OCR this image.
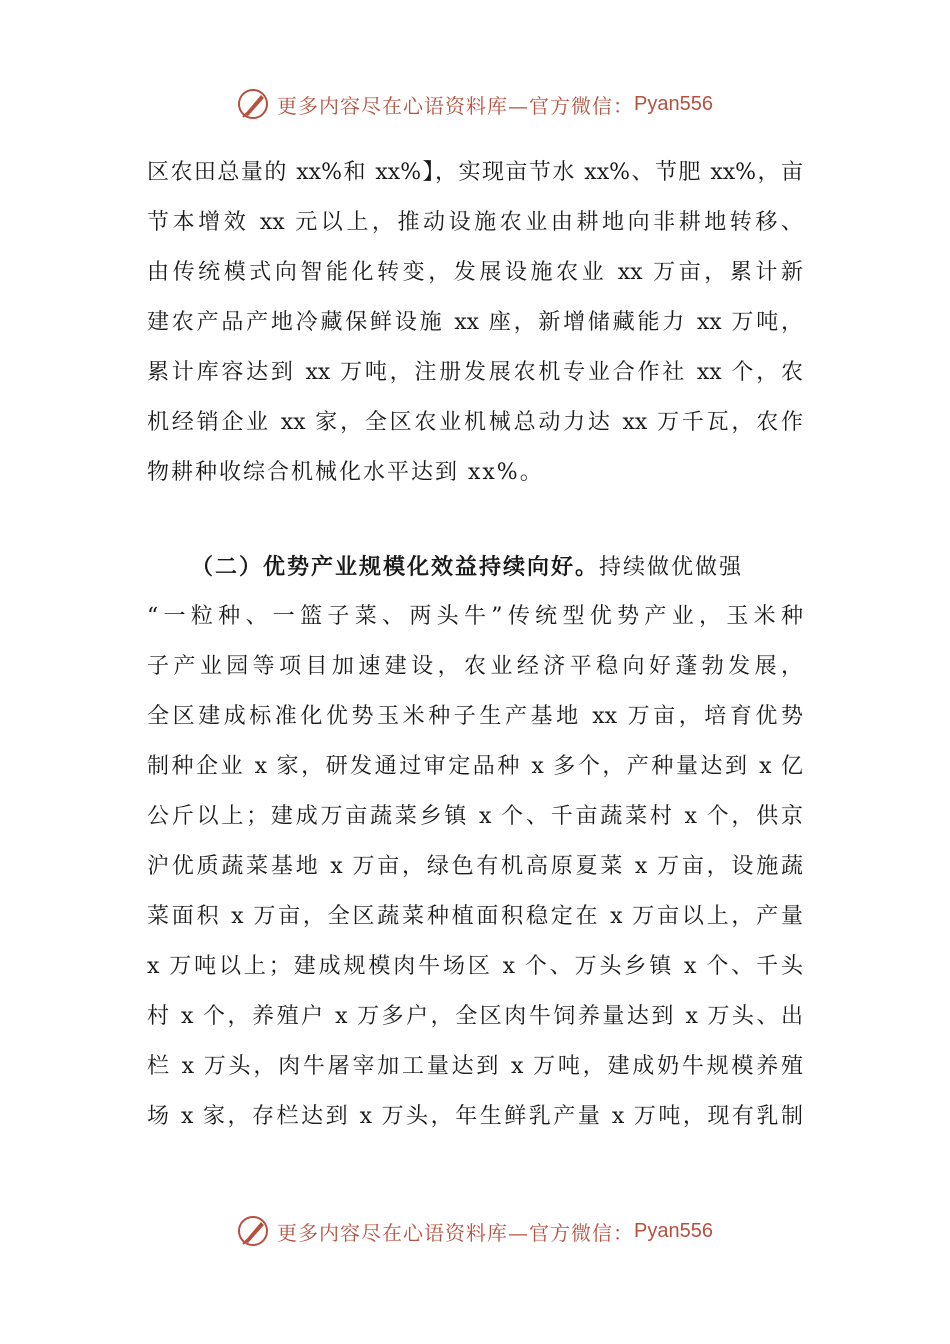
更多内容尽在心语资料库—官方微信： Pyan556
区农田总量的 xx%和 xx%】，实现亩节水 xx%、节肥 xx%，亩
节本增效 xx 元以上，推动设施农业由耕地向非耕地转移、
由传统模式向智能化转变，发展设施农业 xx 万亩，累计新
建农产品产地冷藏保鲜设施 xx 座，新增储藏能力 xx 万吨，
累计库容达到 xx 万吨，注册发展农机专业合作社 xx 个，农
机经销企业 xx 家，全区农业机械总动力达 xx 万千瓦，农作
物耕种收综合机械化水平达到 xx%。
（二）优势产业规模化效益持续向好。持续做优做强
“一粒种、一篮子菜、两头牛”传统型优势产业，玉米种
子产业园等项目加速建设，农业经济平稳向好蓬勃发展，
全区建成标准化优势玉米种子生产基地 xx 万亩，培育优势
制种企业 x 家，研发通过审定品种 x 多个，产种量达到 x 亿
公斤以上；建成万亩蔬菜乡镇 x 个、千亩蔬菜村 x 个，供京
沪优质蔬菜基地 x 万亩，绿色有机高原夏菜 x 万亩，设施蔬
菜面积 x 万亩，全区蔬菜种植面积稳定在 x 万亩以上，产量
x 万吨以上；建成规模肉牛场区 x 个、万头乡镇 x 个、千头
村 x 个，养殖户 x 万多户，全区肉牛饲养量达到 x 万头、出
栏 x 万头，肉牛屠宰加工量达到 x 万吨，建成奶牛规模养殖
场 x 家，存栏达到 x 万头，年生鲜乳产量 x 万吨，现有乳制
更多内容尽在心语资料库—官方微信： Pyan556
